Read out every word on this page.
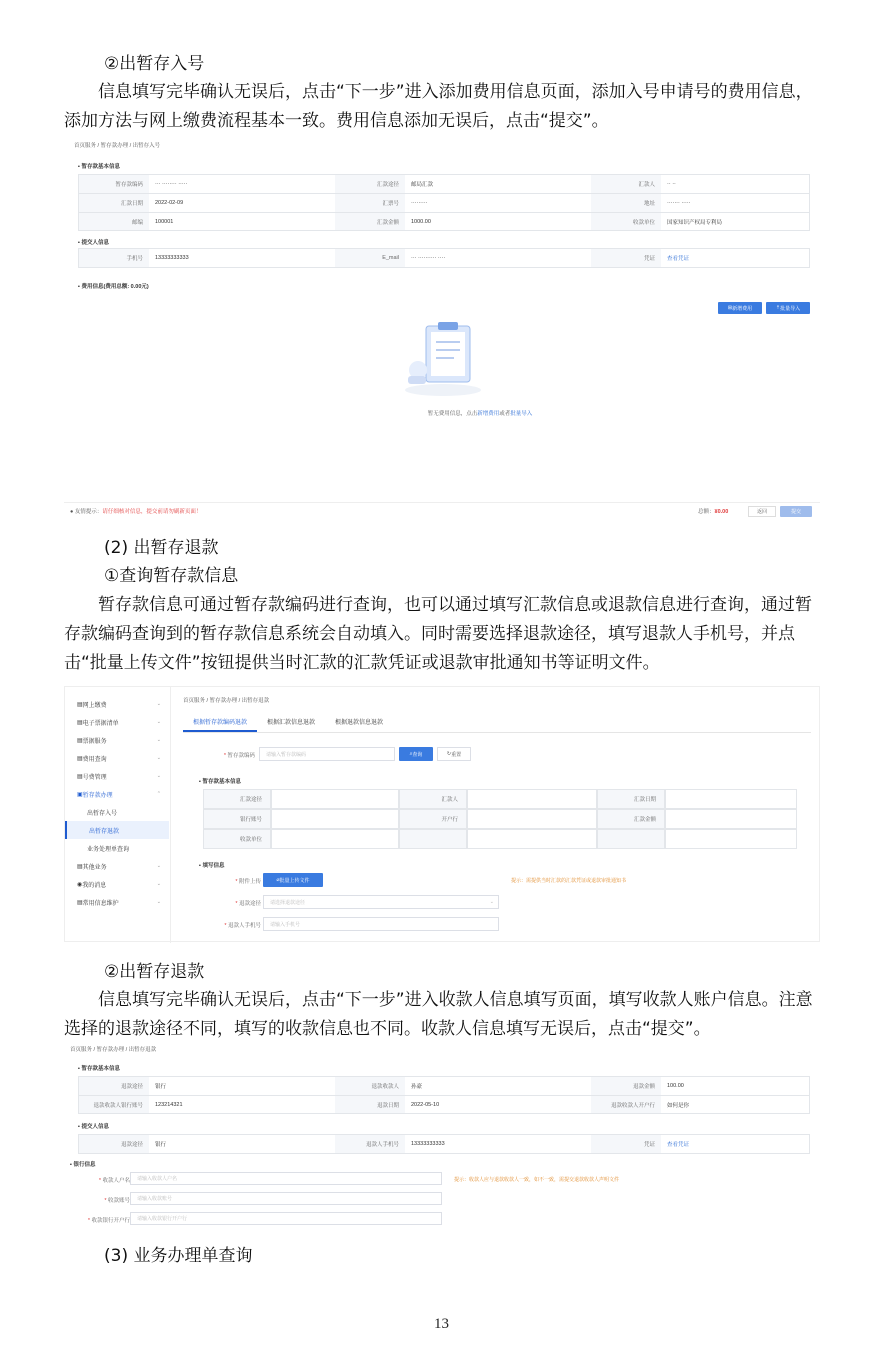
②出暂存入号
信息填写完毕确认无误后，点击“下一步”进入添加费用信息页面，添加入号申请号的费用信息，添加方法与网上缴费流程基本一致。费用信息添加无误后，点击“提交”。
首页服务 / 暂存款办理 / 出暂存入号
▪ 暂存款基本信息
暂存款编码	··· ········ ·····	汇款途径	邮局汇款	汇款人	·· ··
汇款日期	2022-02-09	汇票号	·········	地址	······· ·····
邮编	100001	汇款金额	1000.00	收款单位	国家知识产权局专利局
▪ 提交人信息
手机号	13333333333	E_mail	··· ·········· ····	凭证	查看凭证
▪ 费用信息(费用总额: 0.00元)
⊞ 新增费用	⇡ 批量导入
暂无费用信息，点击新增费用或者批量导入
● 友情提示：请仔细核对信息，提交前请勿刷新页面！	总额：¥0.00	返回	提交
(2) 出暂存退款
①查询暂存款信息
暂存款信息可通过暂存款编码进行查询，也可以通过填写汇款信息或退款信息进行查询，通过暂存款编码查询到的暂存款信息系统会自动填入。同时需要选择退款途径，填写退款人手机号，并点击“批量上传文件”按钮提供当时汇款的汇款凭证或退款审批通知书等证明文件。
▤ 网上缴费	⌄
▤ 电子票据清单	⌄
▤ 票据服务	⌄
▤ 费用查询	⌄
▤ 号费管理	⌄
▣ 暂存款办理	⌃
出暂存入号
出暂存退款
业务处理单查询
▤ 其他业务	⌄
◉ 我的消息	⌄
▤ 常用信息维护	⌄
首页服务 / 暂存款办理 / 出暂存退款
根据暂存款编码退款	根据汇款信息退款	根据退款信息退款
* 暂存款编码	请输入暂存款编码	⌕ 查询	↻ 重置
▪ 暂存款基本信息
汇款途径	汇款人	汇款日期
银行账号	开户行	汇款金额
收款单位
▪ 填写信息
* 附件上传	⌀ 批量上传文件	提示：需提供当时汇款的汇款凭证或退款审批通知书
* 退款途径 请选择退款途径	⌄
* 退款人手机号	请输入手机号
②出暂存退款
信息填写完毕确认无误后，点击“下一步”进入收款人信息填写页面，填写收款人账户信息。注意选择的退款途径不同，填写的收款信息也不同。收款人信息填写无误后，点击“提交”。
首页服务 / 暂存款办理 / 出暂存退款
▪ 暂存款基本信息
退款途径	银行	退款收款人	孙豪	退款金额	100.00
退款收款人银行账号	123214321	退款日期	2022-05-10	退款收款人开户行	如何是你
▪ 提交人信息
退款途径	银行	退款人手机号	13333333333	凭证	查看凭证
▪ 银行信息
* 收款人户名	请输入收款人户名	提示：收款人应与退款收款人一致，如不一致，需提交退款收款人声明文件
* 收款账号	请输入收款账号
* 收款银行开户行	请输入收款银行开户行
(3) 业务办理单查询
13
